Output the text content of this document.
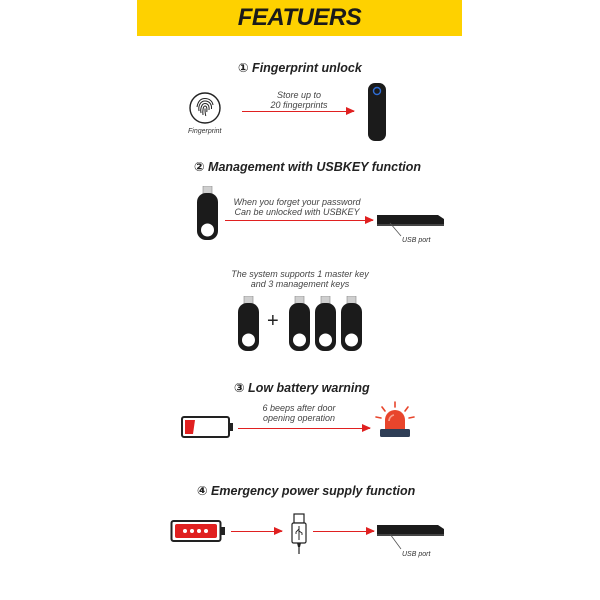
FEATUERS
① Fingerprint unlock
Fingerprint
Store up to
20 fingerprints
② Management with USBKEY function
When you forget your password
Can be unlocked with USBKEY
USB port
The system supports 1 master key
and 3 management keys
+
③ Low battery warning
6 beeps after door
opening operation
④ Emergency power supply function
USB port
